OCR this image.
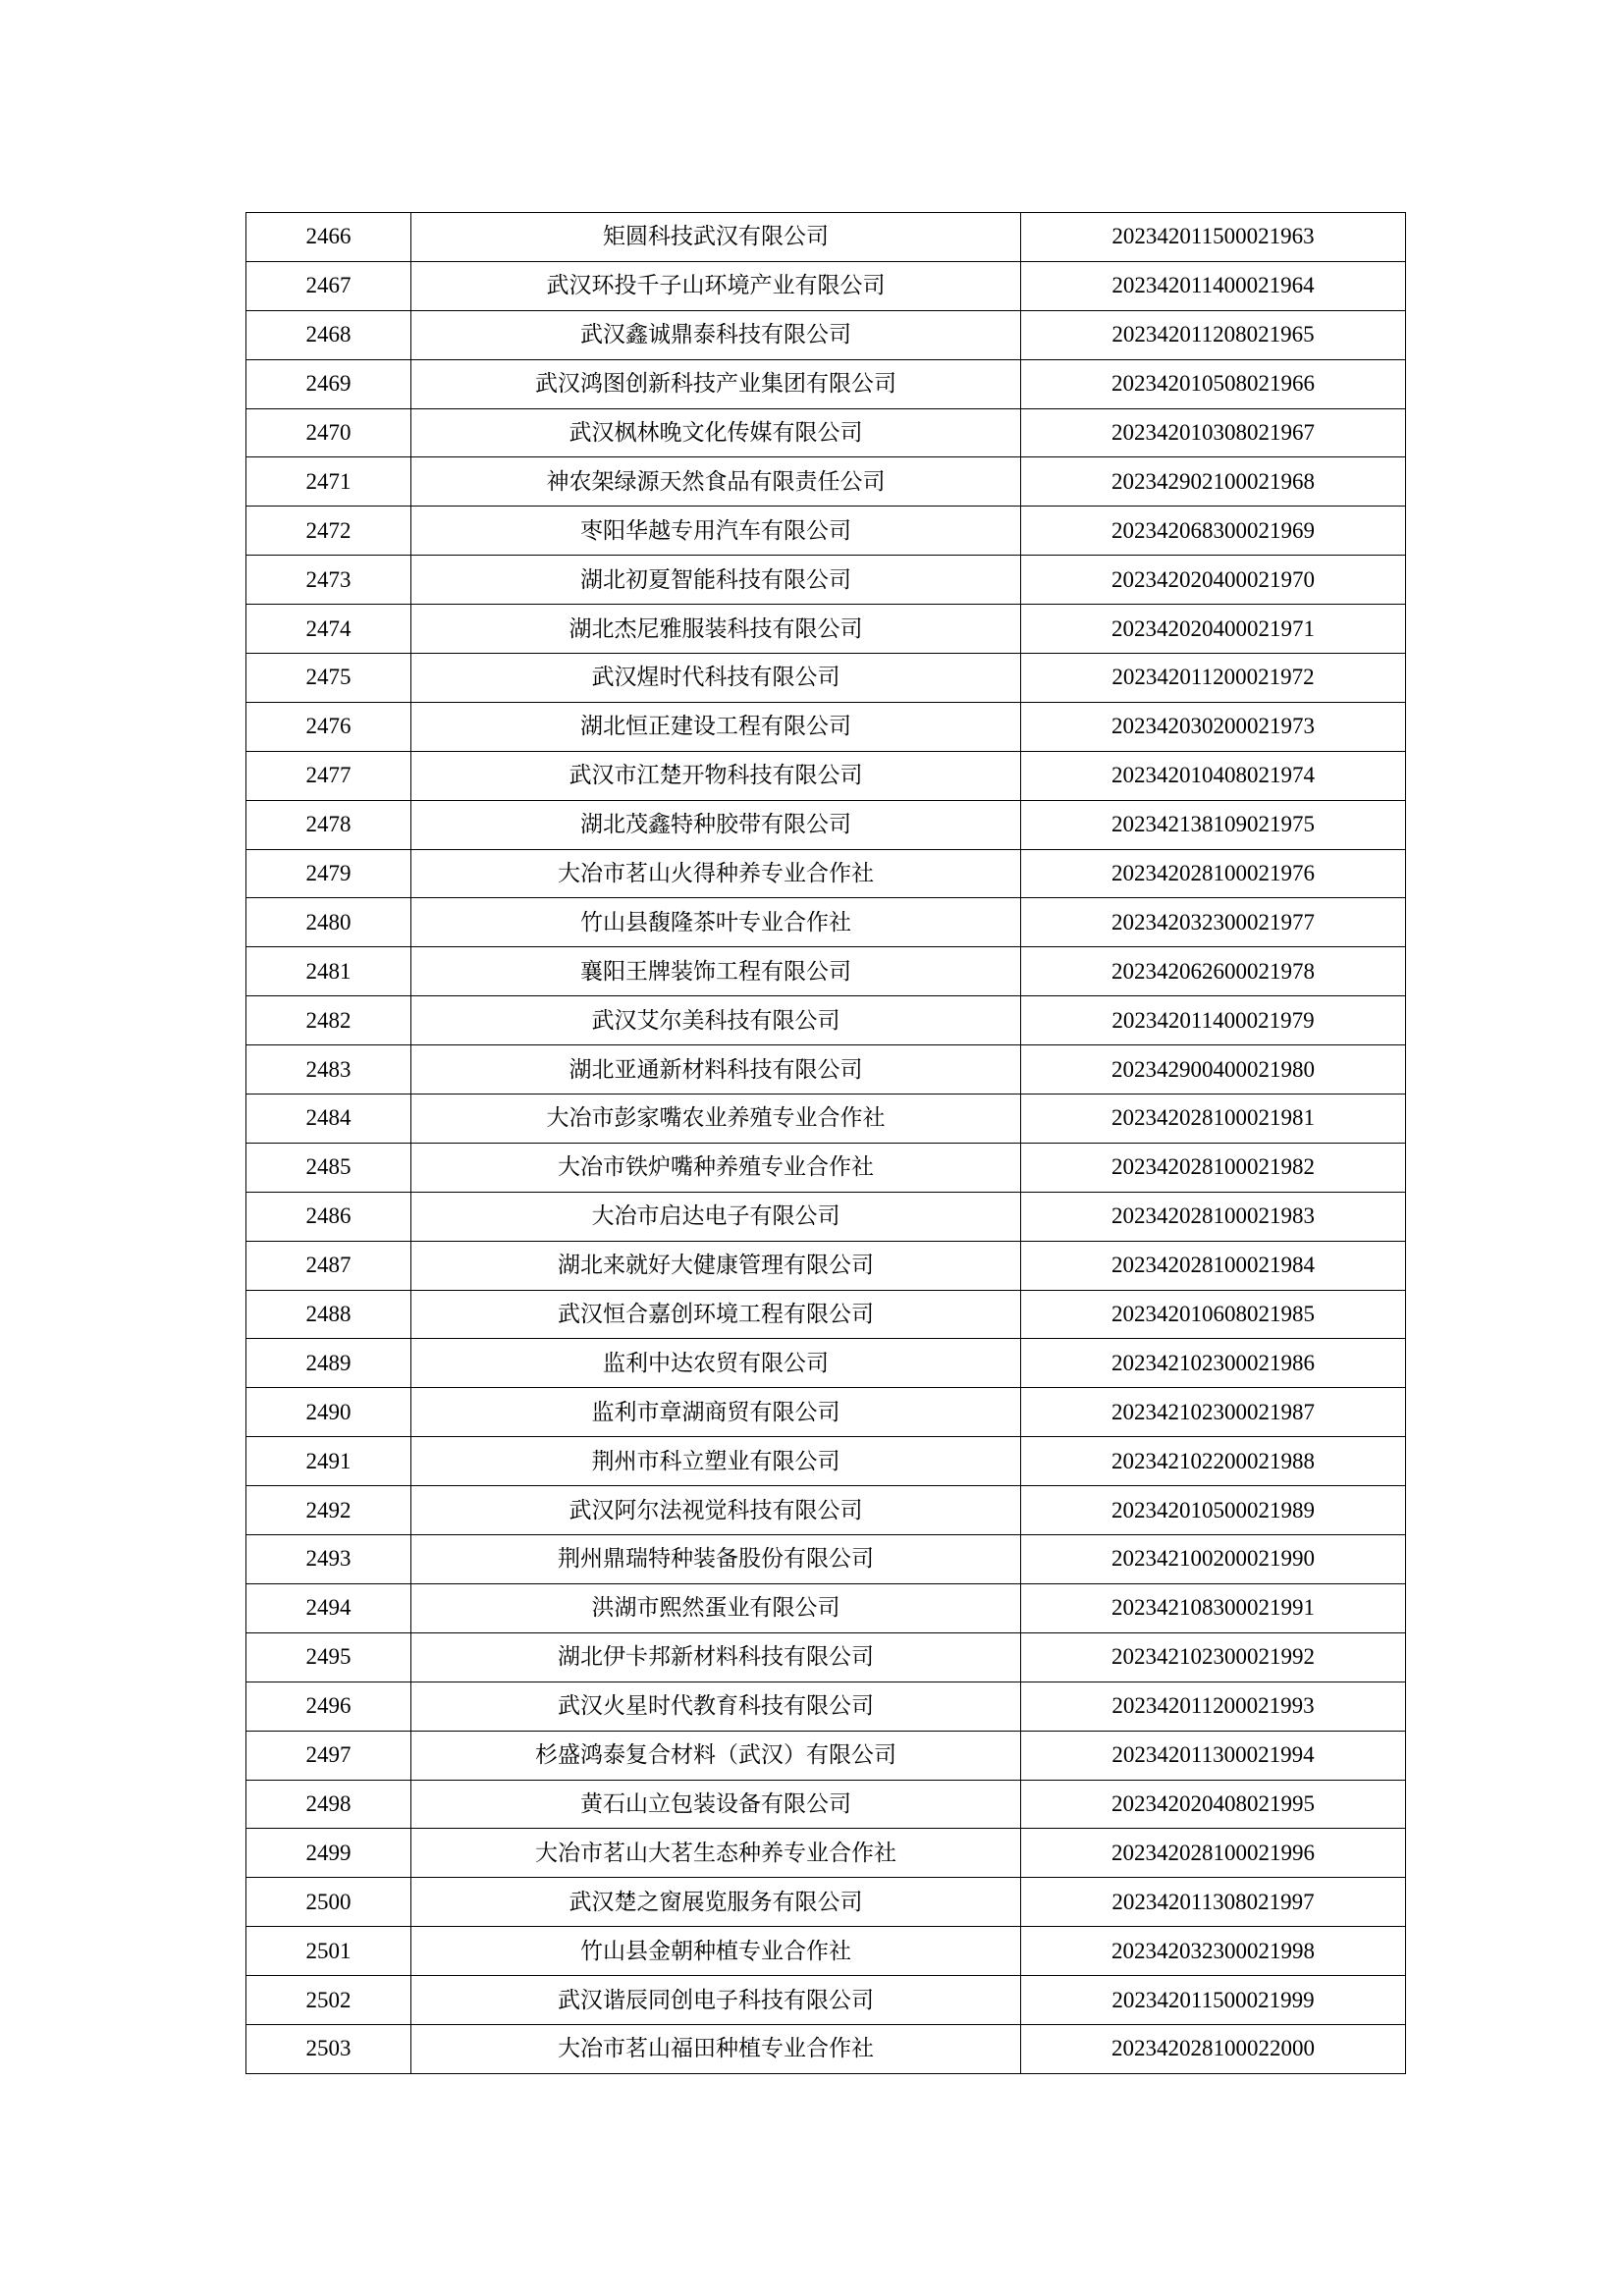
2466	矩圆科技武汉有限公司	202342011500021963
2467	武汉环投千子山环境产业有限公司	202342011400021964
2468	武汉鑫诚鼎泰科技有限公司	202342011208021965
2469	武汉鸿图创新科技产业集团有限公司	202342010508021966
2470	武汉枫林晚文化传媒有限公司	202342010308021967
2471	神农架绿源天然食品有限责任公司	202342902100021968
2472	枣阳华越专用汽车有限公司	202342068300021969
2473	湖北初夏智能科技有限公司	202342020400021970
2474	湖北杰尼雅服装科技有限公司	202342020400021971
2475	武汉煋时代科技有限公司	202342011200021972
2476	湖北恒正建设工程有限公司	202342030200021973
2477	武汉市江楚开物科技有限公司	202342010408021974
2478	湖北茂鑫特种胶带有限公司	202342138109021975
2479	大冶市茗山火得种养专业合作社	202342028100021976
2480	竹山县馥隆茶叶专业合作社	202342032300021977
2481	襄阳王牌装饰工程有限公司	202342062600021978
2482	武汉艾尔美科技有限公司	202342011400021979
2483	湖北亚通新材料科技有限公司	202342900400021980
2484	大冶市彭家嘴农业养殖专业合作社	202342028100021981
2485	大冶市铁炉嘴种养殖专业合作社	202342028100021982
2486	大冶市启达电子有限公司	202342028100021983
2487	湖北来就好大健康管理有限公司	202342028100021984
2488	武汉恒合嘉创环境工程有限公司	202342010608021985
2489	监利中达农贸有限公司	202342102300021986
2490	监利市章湖商贸有限公司	202342102300021987
2491	荆州市科立塑业有限公司	202342102200021988
2492	武汉阿尔法视觉科技有限公司	202342010500021989
2493	荆州鼎瑞特种装备股份有限公司	202342100200021990
2494	洪湖市熙然蛋业有限公司	202342108300021991
2495	湖北伊卡邦新材料科技有限公司	202342102300021992
2496	武汉火星时代教育科技有限公司	202342011200021993
2497	杉盛鸿泰复合材料（武汉）有限公司	202342011300021994
2498	黄石山立包装设备有限公司	202342020408021995
2499	大冶市茗山大茗生态种养专业合作社	202342028100021996
2500	武汉楚之窗展览服务有限公司	202342011308021997
2501	竹山县金朝种植专业合作社	202342032300021998
2502	武汉谐辰同创电子科技有限公司	202342011500021999
2503	大冶市茗山福田种植专业合作社	202342028100022000
